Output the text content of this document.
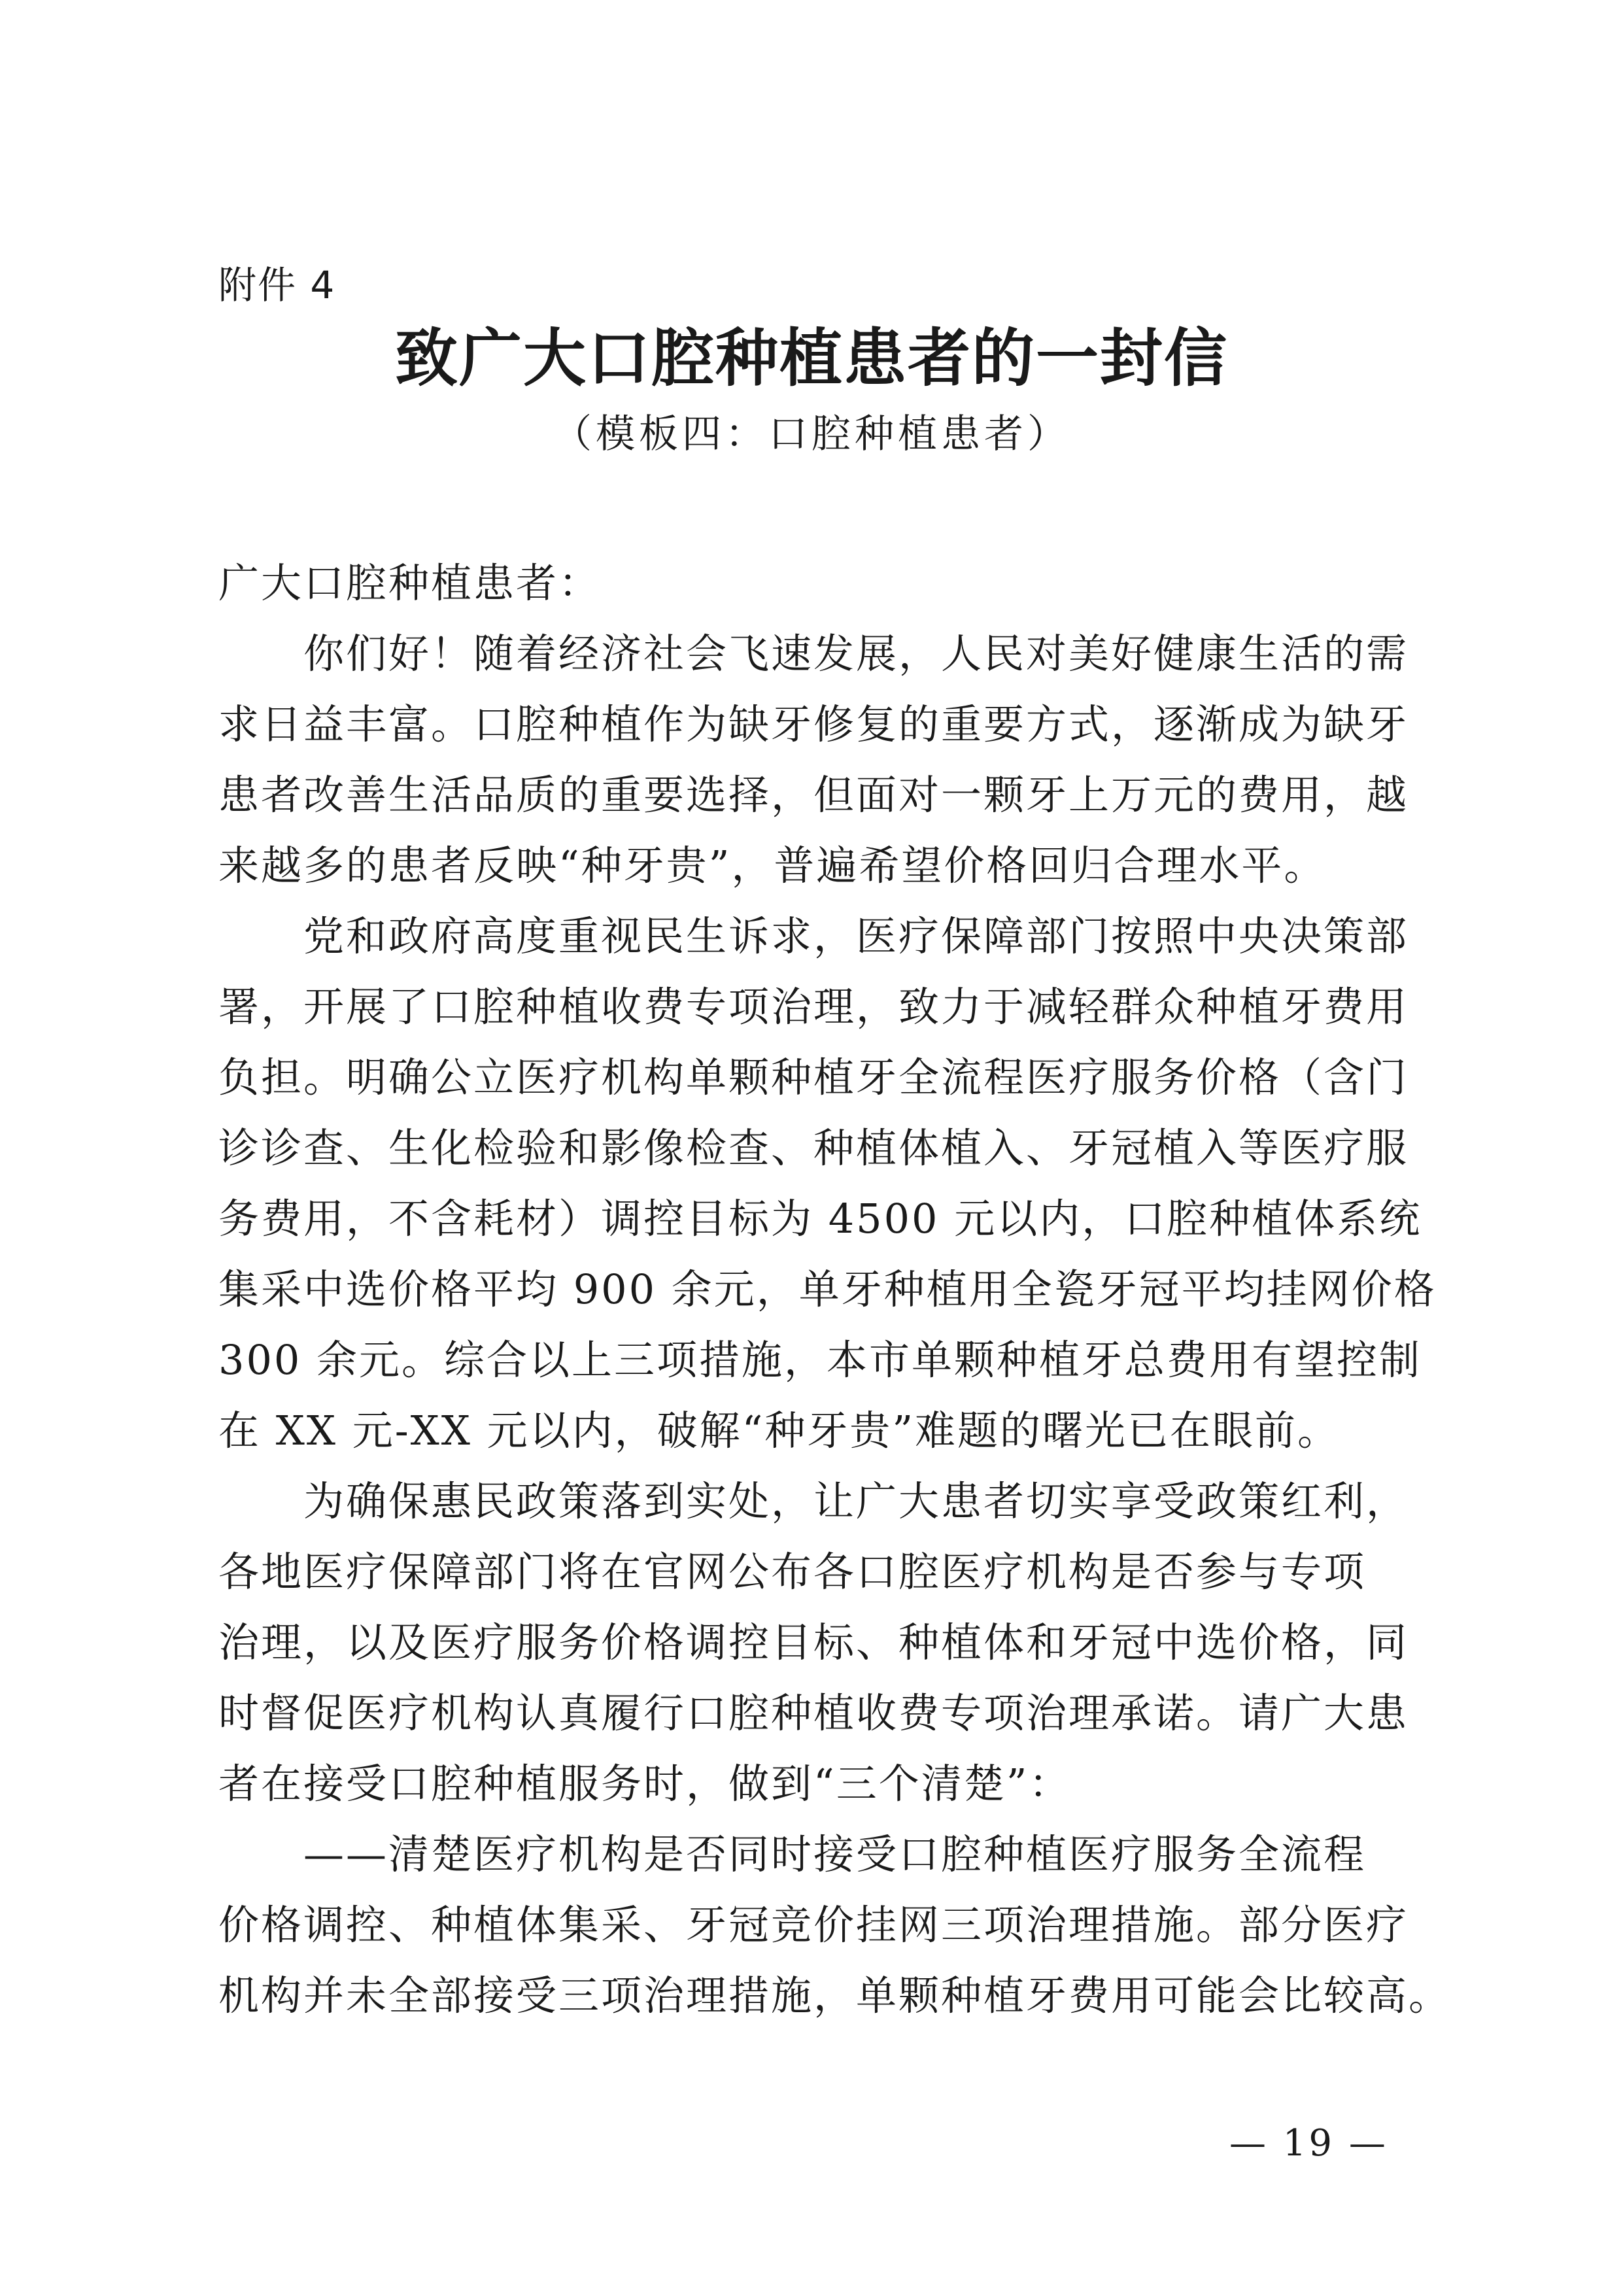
附件 4
致广大口腔种植患者的一封信
（模板四：口腔种植患者）
广大口腔种植患者：
　　你们好！随着经济社会飞速发展，人民对美好健康生活的需
求日益丰富。口腔种植作为缺牙修复的重要方式，逐渐成为缺牙
患者改善生活品质的重要选择，但面对一颗牙上万元的费用，越
来越多的患者反映“种牙贵”，普遍希望价格回归合理水平。
　　党和政府高度重视民生诉求，医疗保障部门按照中央决策部
署，开展了口腔种植收费专项治理，致力于减轻群众种植牙费用
负担。明确公立医疗机构单颗种植牙全流程医疗服务价格（含门
诊诊查、生化检验和影像检查、种植体植入、牙冠植入等医疗服
务费用，不含耗材）调控目标为 4500 元以内，口腔种植体系统
集采中选价格平均 900 余元，单牙种植用全瓷牙冠平均挂网价格
300 余元。综合以上三项措施，本市单颗种植牙总费用有望控制
在 XX 元-XX 元以内，破解“种牙贵”难题的曙光已在眼前。
　　为确保惠民政策落到实处，让广大患者切实享受政策红利，
各地医疗保障部门将在官网公布各口腔医疗机构是否参与专项
治理，以及医疗服务价格调控目标、种植体和牙冠中选价格，同
时督促医疗机构认真履行口腔种植收费专项治理承诺。请广大患
者在接受口腔种植服务时，做到“三个清楚”：
　　——清楚医疗机构是否同时接受口腔种植医疗服务全流程
价格调控、种植体集采、牙冠竞价挂网三项治理措施。部分医疗
机构并未全部接受三项治理措施，单颗种植牙费用可能会比较高。
— 19 —
